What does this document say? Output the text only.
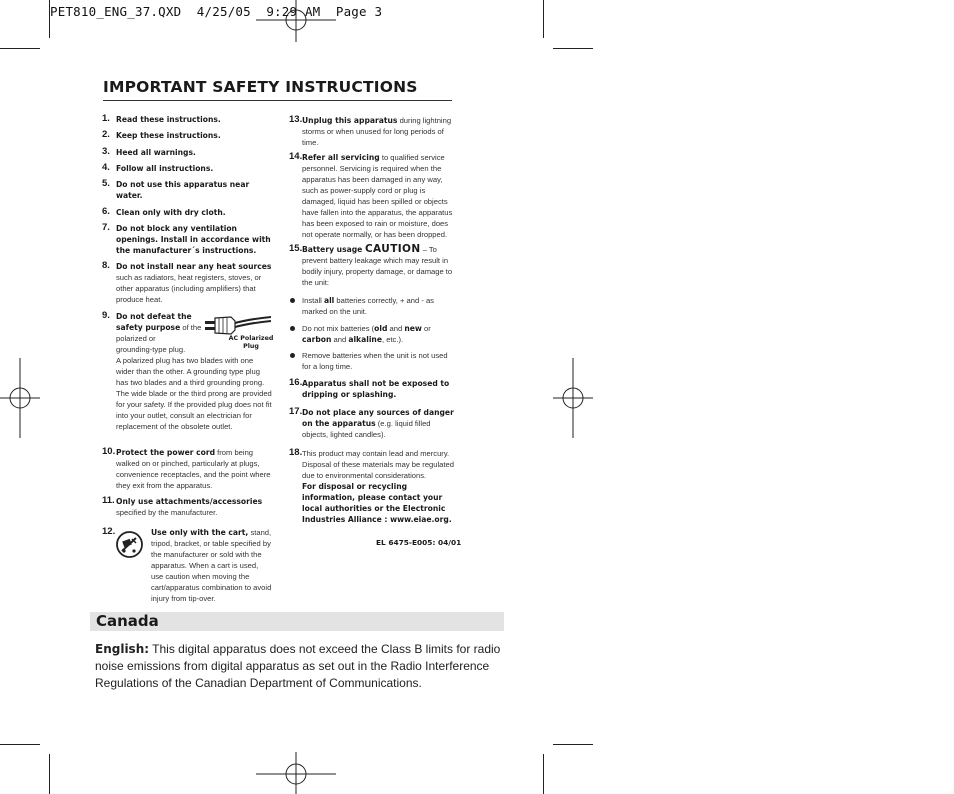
PET810_ENG_37.QXD  4/25/05  9:29 AM  Page 3
IMPORTANT SAFETY INSTRUCTIONS
1. Read these instructions.
2. Keep these instructions.
3. Heed all warnings.
4. Follow all instructions.
5. Do not use this apparatus near water.
6. Clean only with dry cloth.
7. Do not block any ventilation openings. Install in accordance with the manufacturer´s instructions.
8. Do not install near any heat sources such as radiators, heat registers, stoves, or other apparatus (including amplifiers) that produce heat.
9. Do not defeat the
safety purpose of the
polarized or
grounding-type plug.
A polarized plug has two blades with one wider than the other. A grounding type plug has two blades and a third grounding prong. The wide blade or the third prong are provided for your safety. If the provided plug does not fit into your outlet, consult an electrician for replacement of the obsolete outlet.
10. Protect the power cord from being walked on or pinched, particularly at plugs, convenience receptacles, and the point where they exit from the apparatus.
11. Only use attachments/accessories specified by the manufacturer.
12.	Use only with the cart, stand, tripod, bracket, or table specified by the manufacturer or sold with the apparatus. When a cart is used, use caution when moving the cart/apparatus combination to avoid injury from tip-over.
AC Polarized Plug
13. Unplug this apparatus during lightning storms or when unused for long periods of time.
14. Refer all servicing to qualified service personnel. Servicing is required when the apparatus has been damaged in any way, such as power-supply cord or plug is damaged, liquid has been spilled or objects have fallen into the apparatus, the apparatus has been exposed to rain or moisture, does not operate normally, or has been dropped.
15. Battery usage CAUTION – To prevent battery leakage which may result in bodily injury, property damage, or damage to the unit:
Install all batteries correctly, + and - as marked on the unit.
Do not mix batteries (old and new or carbon and alkaline, etc.).
Remove batteries when the unit is not used for a long time.
16. Apparatus shall not be exposed to dripping or splashing.
17. Do not place any sources of danger on the apparatus (e.g. liquid filled objects, lighted candles).
18. This product may contain lead and mercury. Disposal of these materials may be regulated due to environmental considerations.
For disposal or recycling information, please contact your local authorities or the Electronic Industries Alliance : www.eiae.org.
EL 6475-E005: 04/01
Canada
English: This digital apparatus does not exceed the Class B limits for radio noise emissions from digital apparatus as set out in the Radio Interference Regulations of the Canadian Department of Communications.
